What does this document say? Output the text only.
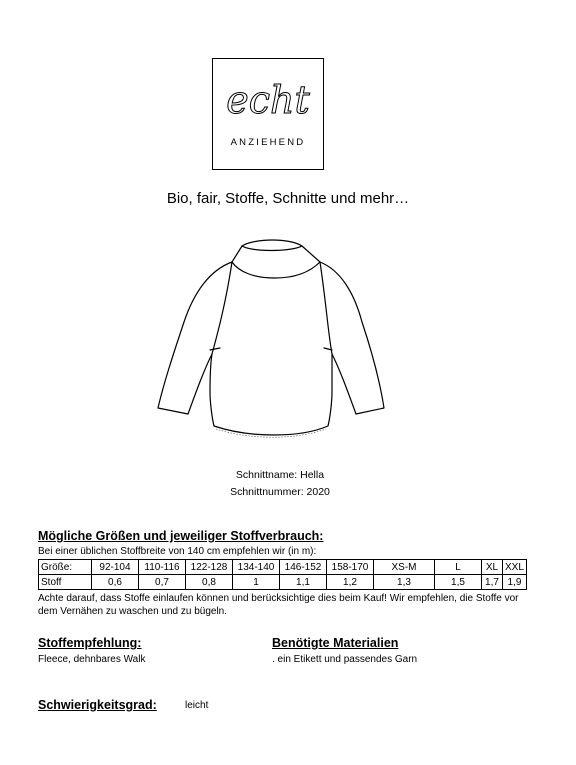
echt
ANZIEHEND
Bio, fair, Stoffe, Schnitte und mehr…
Schnittname: Hella
Schnittnummer: 2020
Mögliche Größen und jeweiliger Stoffverbrauch:
Bei einer üblichen Stoffbreite von 140 cm empfehlen wir (in m):
Größe:	92-104	110-116	122-128	134-140	146-152	158-170	XS-M	L	XL	XXL
Stoff	0,6	0,7	0,8	1	1,1	1,2	1,3	1,5	1,7	1,9
Achte darauf, dass Stoffe einlaufen können und berücksichtige dies beim Kauf! Wir empfehlen, die Stoffe vor dem Vernähen zu waschen und zu bügeln.
Stoffempfehlung:
Fleece, dehnbares Walk
Benötigte Materialien
. ein Etikett und passendes Garn
Schwierigkeitsgrad:	leicht
